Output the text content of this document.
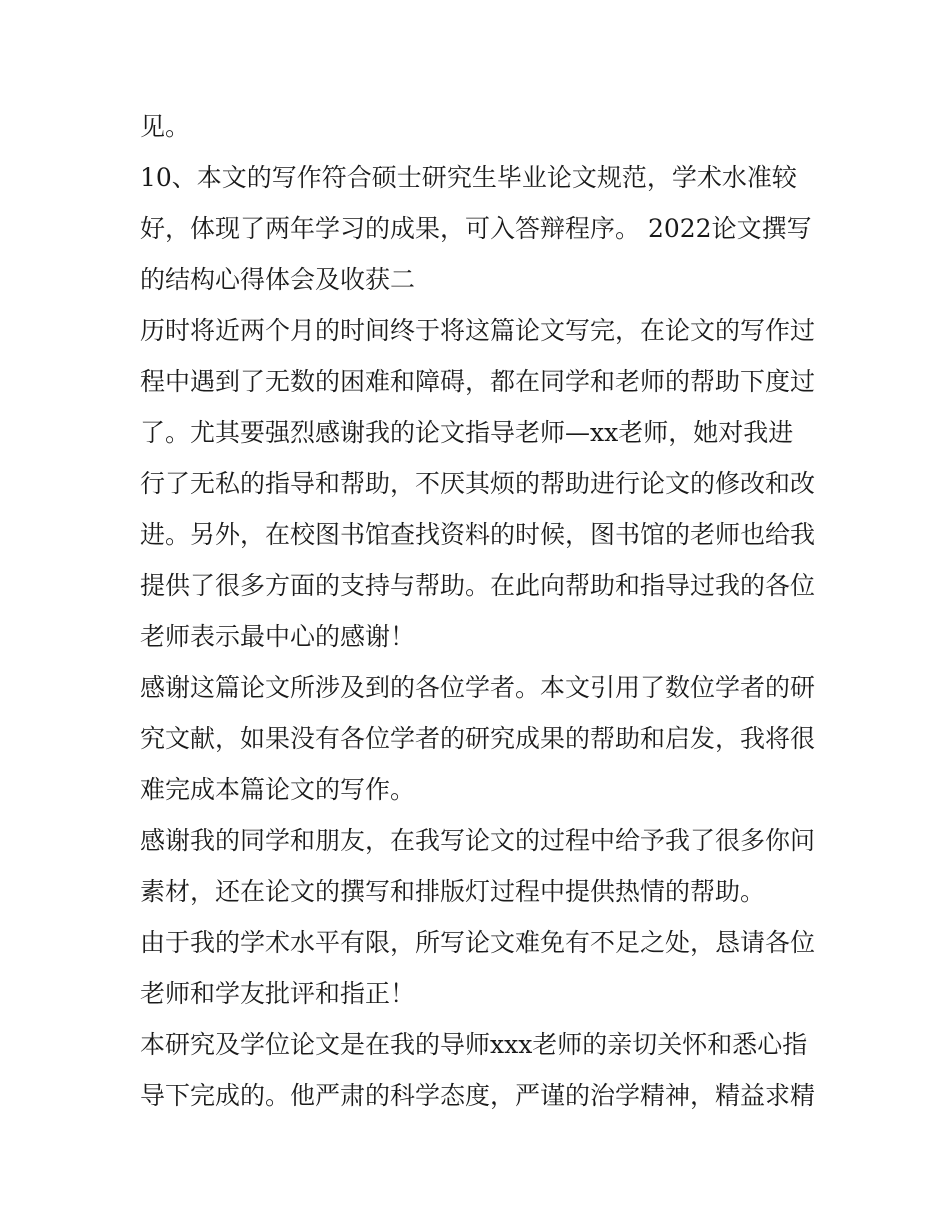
见。
10、本文的写作符合硕士研究生毕业论文规范，学术水准较
好，体现了两年学习的成果，可入答辩程序。 2022论文撰写
的结构心得体会及收获二
历时将近两个月的时间终于将这篇论文写完，在论文的写作过
程中遇到了无数的困难和障碍，都在同学和老师的帮助下度过
了。尤其要强烈感谢我的论文指导老师—xx老师，她对我进
行了无私的指导和帮助，不厌其烦的帮助进行论文的修改和改
进。另外，在校图书馆查找资料的时候，图书馆的老师也给我
提供了很多方面的支持与帮助。在此向帮助和指导过我的各位
老师表示最中心的感谢！
感谢这篇论文所涉及到的各位学者。本文引用了数位学者的研
究文献，如果没有各位学者的研究成果的帮助和启发，我将很
难完成本篇论文的写作。
感谢我的同学和朋友，在我写论文的过程中给予我了很多你问
素材，还在论文的撰写和排版灯过程中提供热情的帮助。
由于我的学术水平有限，所写论文难免有不足之处，恳请各位
老师和学友批评和指正！
本研究及学位论文是在我的导师xxx老师的亲切关怀和悉心指
导下完成的。他严肃的科学态度，严谨的治学精神，精益求精
